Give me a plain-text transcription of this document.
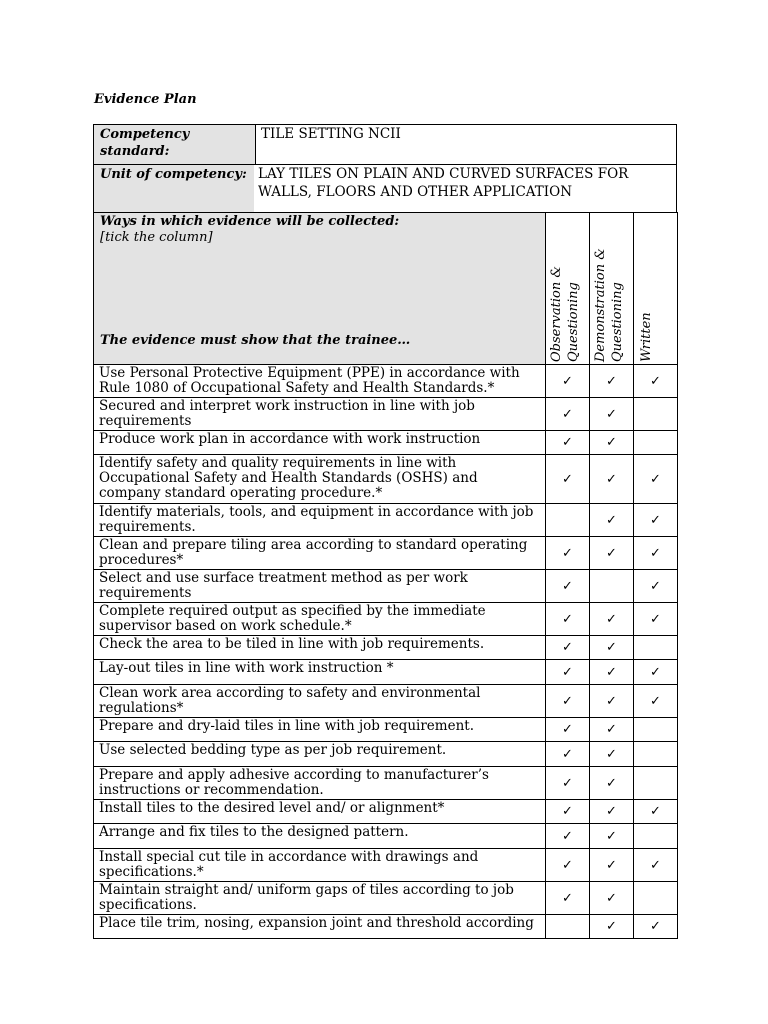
Evidence Plan
Competency standard:
TILE SETTING NCII
Unit of competency: LAY TILES ON PLAIN AND CURVED SURFACES FOR WALLS, FLOORS AND OTHER APPLICATION
Ways in which evidence will be collected:
[tick the column]
The evidence must show that the trainee…	Observation & Questioning	Demonstration & Questioning	Written

Use Personal Protective Equipment (PPE) in accordance with Rule 1080 of Occupational Safety and Health Standards.*	✓	✓	✓
Secured and interpret work instruction in line with job requirements	✓	✓	
Produce work plan in accordance with work instruction	✓	✓	
Identify safety and quality requirements in line with Occupational Safety and Health Standards (OSHS) and company standard operating procedure.*	✓	✓	✓
Identify materials, tools, and equipment in accordance with job requirements.		✓	✓
Clean and prepare tiling area according to standard operating procedures*	✓	✓	✓
Select and use surface treatment method as per work requirements	✓		✓
Complete required output as specified by the immediate supervisor based on work schedule.*	✓	✓	✓
Check the area to be tiled in line with job requirements.	✓	✓	
Lay-out tiles in line with work instruction *	✓	✓	✓
Clean work area according to safety and environmental regulations*	✓	✓	✓
Prepare and dry-laid tiles in line with job requirement.	✓	✓	
Use selected bedding type as per job requirement.	✓	✓	
Prepare and apply adhesive according to manufacturer’s instructions or recommendation.	✓	✓	
Install tiles to the desired level and/ or alignment*	✓	✓	✓
Arrange and fix tiles to the designed pattern.	✓	✓	
Install special cut tile in accordance with drawings and specifications.*	✓	✓	✓
Maintain straight and/ uniform gaps of tiles according to job specifications.	✓	✓	
Place tile trim, nosing, expansion joint and threshold according		✓	✓
